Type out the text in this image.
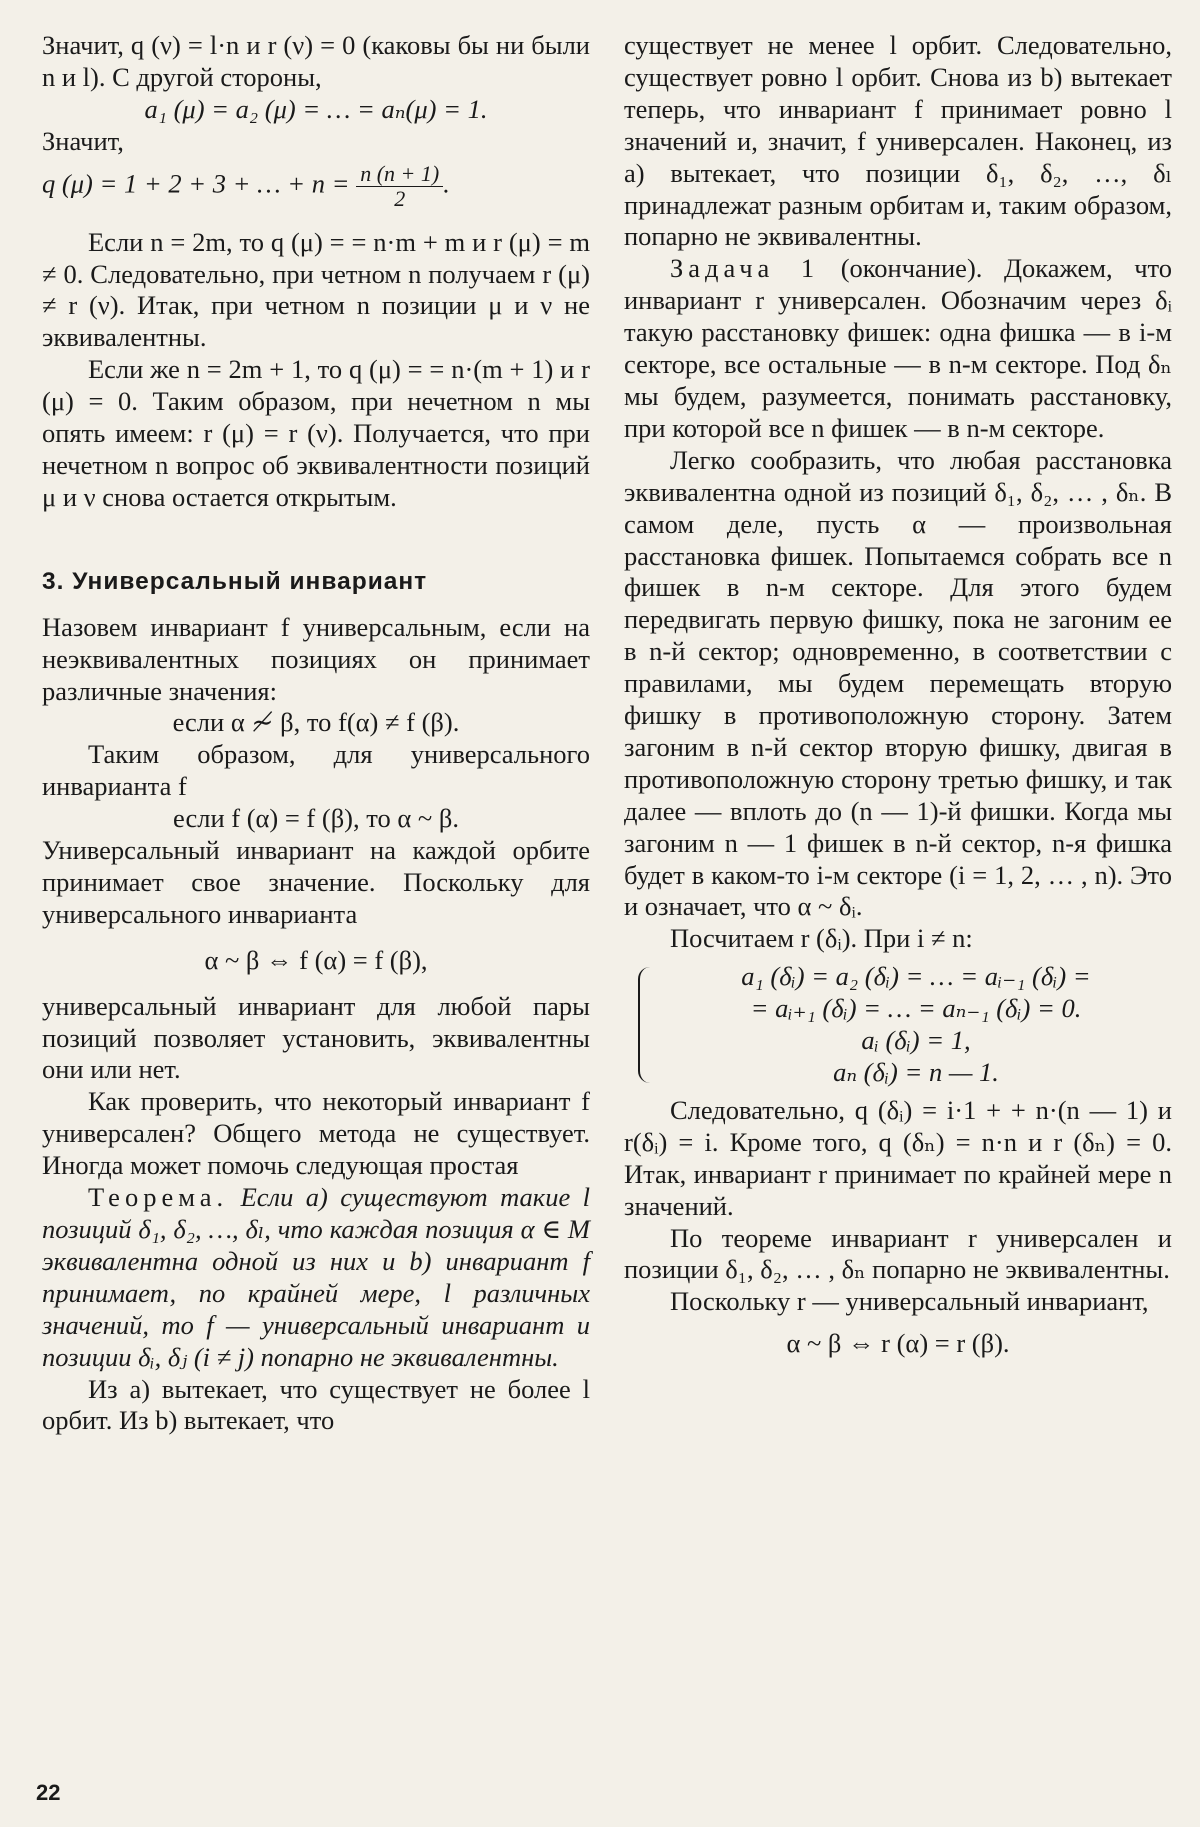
Значит, q (ν) = l·n и r (ν) = 0 (каковы бы ни были n и l). С другой стороны,

a₁ (μ) = a₂ (μ) = … = aₙ(μ) = 1.

Значит,

q (μ) = 1 + 2 + 3 + … + $n = \frac{n (n + 1)}{2}$ .

Если n = 2m, то q (μ) = = n·m + m и r (μ) = m ≠ 0. Следовательно, при четном n получаем r (μ) ≠ r (ν). Итак, при четном n позиции μ и ν не эквивалентны.

Если же n = 2m + 1, то q (μ) = = n·(m + 1) и r (μ) = 0. Таким образом, при нечетном n мы опять имеем: r (μ) = r (ν). Получается, что при нечетном n вопрос об эквивалентности позиций μ и ν снова остается открытым.

3. Универсальный инвариант

Назовем инвариант f универсальным, если на неэквивалентных позициях он принимает различные значения:

если α ≁ β, то f(α) ≠ f (β).

Таким образом, для универсального инварианта f

если f (α) = f (β), то α ~ β.

Универсальный инвариант на каждой орбите принимает свое значение. Поскольку для универсального инварианта

α ~ β ⇔ f (α) = f (β),

универсальный инвариант для любой пары позиций позволяет установить, эквивалентны они или нет.

Как проверить, что некоторый инвариант f универсален? Общего метода не существует. Иногда может помочь следующая простая

Теорема. Если a) существуют такие l позиций δ₁, δ₂, …, δₗ, что каждая позиция α ∈ M эквивалентна одной из них и b) инвариант f принимает, по крайней мере, l различных значений, то f — универсальный инвариант и позиции δᵢ, δⱼ (i ≠ j) попарно не эквивалентны.

Из a) вытекает, что существует не более l орбит. Из b) вытекает, что

существует не менее l орбит. Следовательно, существует ровно l орбит. Снова из b) вытекает теперь, что инвариант f принимает ровно l значений и, значит, f универсален. Наконец, из a) вытекает, что позиции δ₁, δ₂, …, δₗ принадлежат разным орбитам и, таким образом, попарно не эквивалентны.

Задача 1 (окончание). Докажем, что инвариант r универсален. Обозначим через δᵢ такую расстановку фишек: одна фишка — в i-м секторе, все остальные — в n-м секторе. Под δₙ мы будем, разумеется, понимать расстановку, при которой все n фишек — в n-м секторе.

Легко сообразить, что любая расстановка эквивалентна одной из позиций δ₁, δ₂, … , δₙ. В самом деле, пусть α — произвольная расстановка фишек. Попытаемся собрать все n фишек в n-м секторе. Для этого будем передвигать первую фишку, пока не загоним ее в n-й сектор; одновременно, в соответствии с правилами, мы будем перемещать вторую фишку в противоположную сторону. Затем загоним в n-й сектор вторую фишку, двигая в противоположную сторону третью фишку, и так далее — вплоть до (n — 1)-й фишки. Когда мы загоним n — 1 фишек в n-й сектор, n-я фишка будет в каком-то i-м секторе (i = 1, 2, … , n). Это и означает, что α ~ δᵢ.

Посчитаем r (δᵢ). При i ≠ n:

a₁ (δᵢ) = a₂ (δᵢ) = … = aᵢ₋₁ (δᵢ) =

= aᵢ₊₁ (δᵢ) = … = aₙ₋₁ (δᵢ) = 0.

aᵢ (δᵢ) = 1,

aₙ (δᵢ) = n — 1.

Следовательно, q (δᵢ) = i·1 + + n·(n — 1) и r(δᵢ) = i. Кроме того, q (δₙ) = n·n и r (δₙ) = 0. Итак, инвариант r принимает по крайней мере n значений.

По теореме инвариант r универсален и позиции δ₁, δ₂, … , δₙ попарно не эквивалентны.

Поскольку r — универсальный инвариант,

α ~ β ⇔ r (α) = r (β).

22
